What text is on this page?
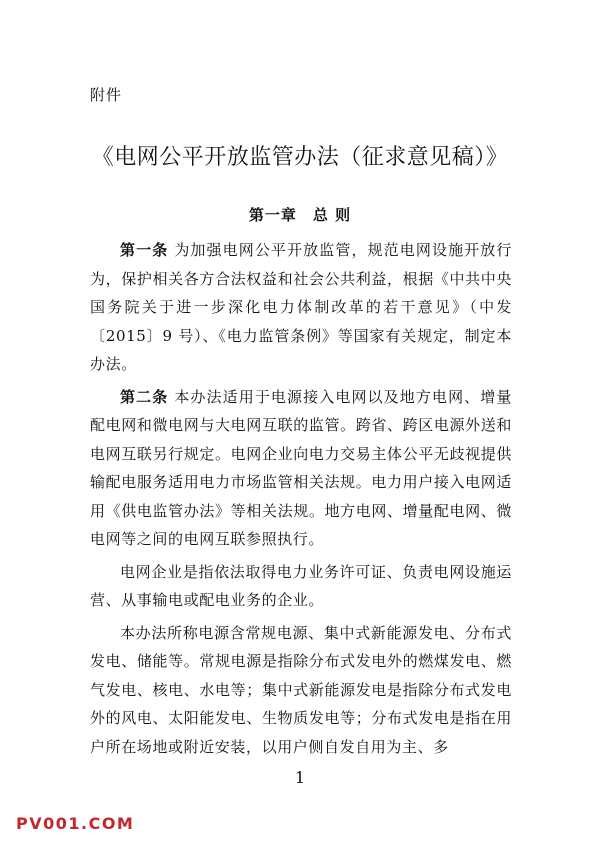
附件
《电网公平开放监管办法（征求意见稿）》
第一章　总 则

第一条 为加强电网公平开放监管，规范电网设施开放行为，保护相关各方合法权益和社会公共利益，根据《中共中央 国务院关于进一步深化电力体制改革的若干意见》（中发〔2015〕9 号）、《电力监管条例》等国家有关规定，制定本办法。

第二条 本办法适用于电源接入电网以及地方电网、增量配电网和微电网与大电网互联的监管。跨省、跨区电源外送和电网互联另行规定。电网企业向电力交易主体公平无歧视提供输配电服务适用电力市场监管相关法规。电力用户接入电网适用《供电监管办法》等相关法规。地方电网、增量配电网、微电网等之间的电网互联参照执行。

电网企业是指依法取得电力业务许可证、负责电网设施运营、从事输电或配电业务的企业。

本办法所称电源含常规电源、集中式新能源发电、分布式发电、储能等。常规电源是指除分布式发电外的燃煤发电、燃气发电、核电、水电等；集中式新能源发电是指除分布式发电外的风电、太阳能发电、生物质发电等；分布式发电是指在用户所在场地或附近安装，以用户侧自发自用为主、多

1
PV001.COM
